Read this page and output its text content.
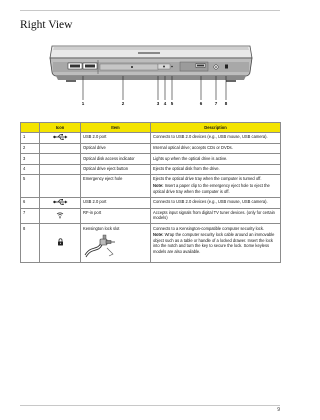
Right View
1	2	3 4 5	6	7 8
	Icon	Item	Description
1		USB 2.0 port	Connects to USB 2.0 devices (e.g., USB mouse, USB camera).

2		Optical drive	Internal optical drive; accepts CDs or DVDs.

3		Optical disk access indicator	Lights up when the optical drive is active.

4		Optical drive eject button	Ejects the optical disk from the drive.

5		Emergency eject hole	Ejects the optical drive tray when the computer is turned off.

Note: Insert a paper clip to the emergency eject hole to eject the optical drive tray when the computer is off.

6		USB 2.0 port	Connects to USB 2.0 devices (e.g., USB mouse, USB camera).

7		RF-in port	Accepts input signals from digital TV tuner devices. (only for certain models)

8		Kensington lock slot	Connects to a Kensington-compatible computer security lock.

Note: Wrap the computer security lock cable around an immovable object such as a table or handle of a locked drawer. Insert the lock into the notch and turn the key to secure the lock. Some keyless models are also available.

9
